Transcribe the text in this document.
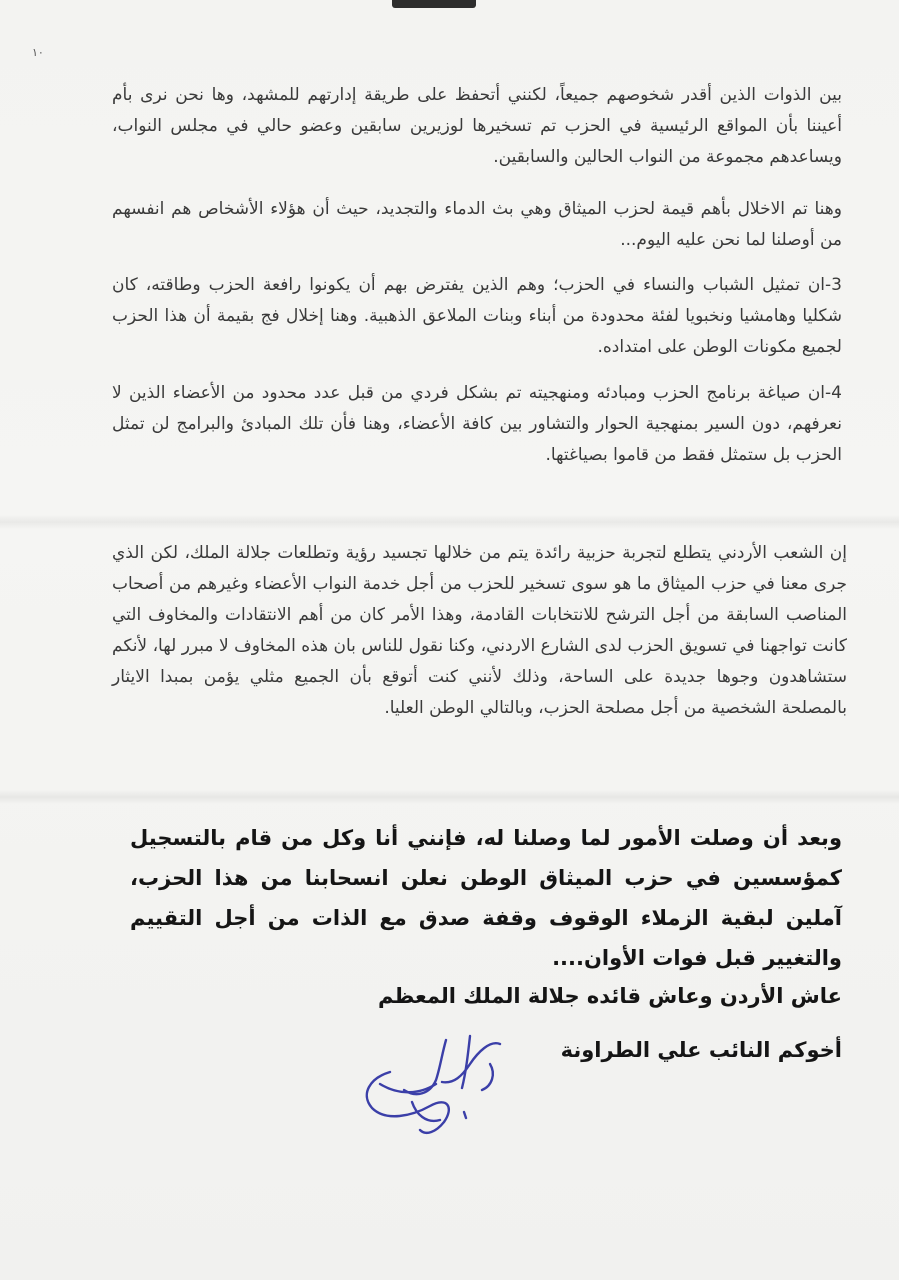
١٠

بين الذوات الذين أقدر شخوصهم جميعاً، لكنني أتحفظ على طريقة إدارتهم للمشهد، وها نحن نرى بأم أعيننا بأن المواقع الرئيسية في الحزب تم تسخيرها لوزيرين سابقين وعضو حالي في مجلس النواب، ويساعدهم مجموعة من النواب الحالين والسابقين.

وهنا تم الاخلال بأهم قيمة لحزب الميثاق وهي بث الدماء والتجديد، حيث أن هؤلاء الأشخاص هم انفسهم من أوصلنا لما نحن عليه اليوم...

3-ان تمثيل الشباب والنساء في الحزب؛ وهم الذين يفترض بهم أن يكونوا رافعة الحزب وطاقته، كان شكليا وهامشيا ونخبويا لفئة محدودة من أبناء وبنات الملاعق الذهبية. وهنا إخلال فج بقيمة أن هذا الحزب لجميع مكونات الوطن على امتداده.

4-ان صياغة برنامج الحزب ومبادئه ومنهجيته تم بشكل فردي من قبل عدد محدود من الأعضاء الذين لا نعرفهم، دون السير بمنهجية الحوار والتشاور بين كافة الأعضاء، وهنا فأن تلك المبادئ والبرامج لن تمثل الحزب بل ستمثل فقط من قاموا بصياغتها.

إن الشعب الأردني يتطلع لتجربة حزبية رائدة يتم من خلالها تجسيد رؤية وتطلعات جلالة الملك، لكن الذي جرى معنا في حزب الميثاق ما هو سوى تسخير للحزب من أجل خدمة النواب الأعضاء وغيرهم من أصحاب المناصب السابقة من أجل الترشح للانتخابات القادمة، وهذا الأمر كان من أهم الانتقادات والمخاوف التي كانت تواجهنا في تسويق الحزب لدى الشارع الاردني، وكنا نقول للناس بان هذه المخاوف لا مبرر لها، لأنكم ستشاهدون وجوها جديدة على الساحة، وذلك لأنني كنت أتوقع بأن الجميع مثلي يؤمن بمبدا الايثار بالمصلحة الشخصية من أجل مصلحة الحزب، وبالتالي الوطن العليا.

وبعد أن وصلت الأمور لما وصلنا له، فإنني أنا وكل من قام بالتسجيل كمؤسسين في حزب الميثاق الوطن نعلن انسحابنا من هذا الحزب، آملين لبقية الزملاء الوقوف وقفة صدق مع الذات من أجل التقييم والتغيير قبل فوات الأوان....

عاش الأردن وعاش قائده جلالة الملك المعظم

أخوكم النائب علي الطراونة
